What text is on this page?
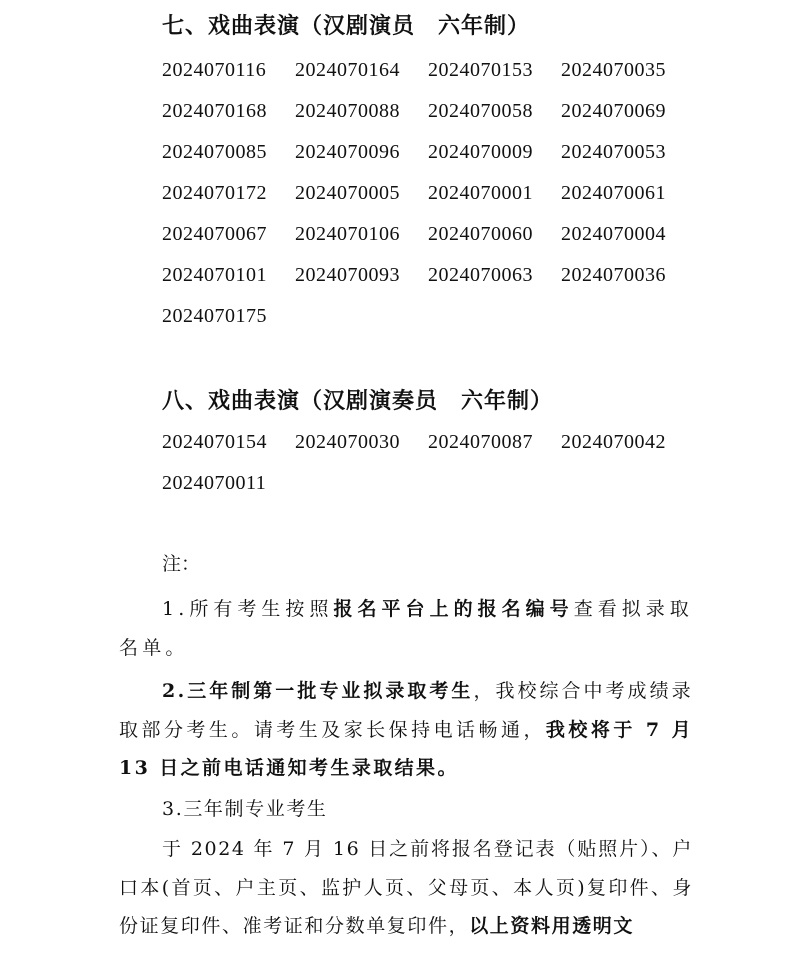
七、戏曲表演（汉剧演员　六年制）
2024070116	2024070164	2024070153	2024070035
2024070168	2024070088	2024070058	2024070069
2024070085	2024070096	2024070009	2024070053
2024070172	2024070005	2024070001	2024070061
2024070067	2024070106	2024070060	2024070004
2024070101	2024070093	2024070063	2024070036
2024070175
八、戏曲表演（汉剧演奏员　六年制）
2024070154	2024070030	2024070087	2024070042
2024070011
注：

1.所有考生按照报名平台上的报名编号查看拟录取名单。

2.三年制第一批专业拟录取考生，我校综合中考成绩录取部分考生。请考生及家长保持电话畅通，我校将于 7 月 13 日之前电话通知考生录取结果。

3.三年制专业考生

于 2024 年 7 月 16 日之前将报名登记表（贴照片）、户口本(首页、户主页、监护人页、父母页、本人页)复印件、身份证复印件、准考证和分数单复印件，以上资料用透明文
